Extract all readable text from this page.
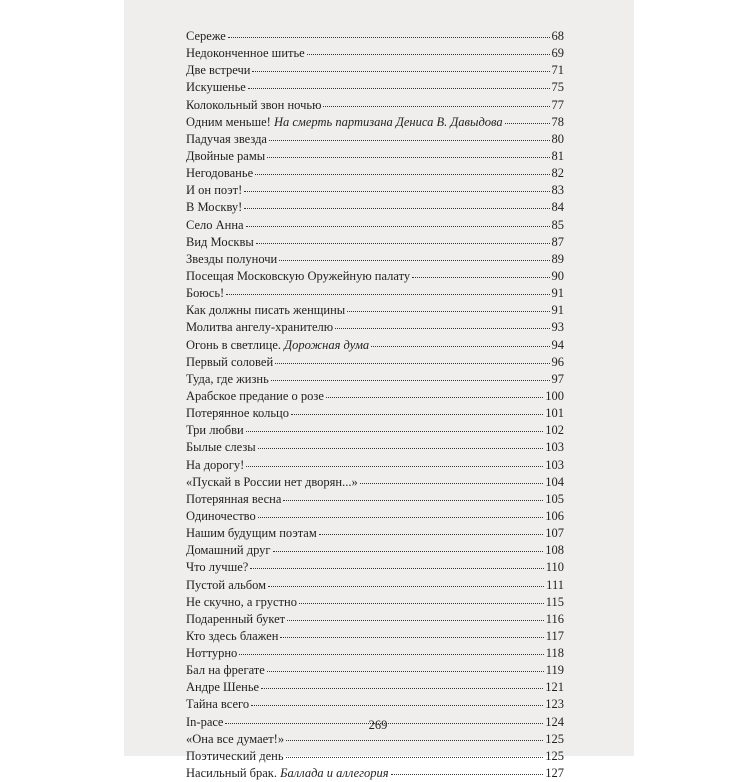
Сереже	68
Недоконченное шитье	69
Две встречи	71
Искушенье	75
Колокольный звон ночью	77
Одним меньше! На смерть партизана Дениса В. Давыдова	78
Падучая звезда	80
Двойные рамы	81
Негодованье	82
И он поэт!	83
В Москву!	84
Село Анна	85
Вид Москвы	87
Звезды полуночи	89
Посещая Московскую Оружейную палату	90
Боюсь!	91
Как должны писать женщины	91
Молитва ангелу-хранителю	93
Огонь в светлице. Дорожная дума	94
Первый соловей	96
Туда, где жизнь	97
Арабское предание о розе	100
Потерянное кольцо	101
Три любви	102
Былые слезы	103
На дорогу!	103
«Пускай в России нет дворян...»	104
Потерянная весна	105
Одиночество	106
Нашим будущим поэтам	107
Домашний друг	108
Что лучше?	110
Пустой альбом	111
Не скучно, а грустно	115
Подаренный букет	116
Кто здесь блажен	117
Ноттурно	118
Бал на фрегате	119
Андре Шенье	121
Тайна всего	123
In-pace	124
«Она все думает!»	125
Поэтический день	125
Насильный брак. Баллада и аллегория	127
269
